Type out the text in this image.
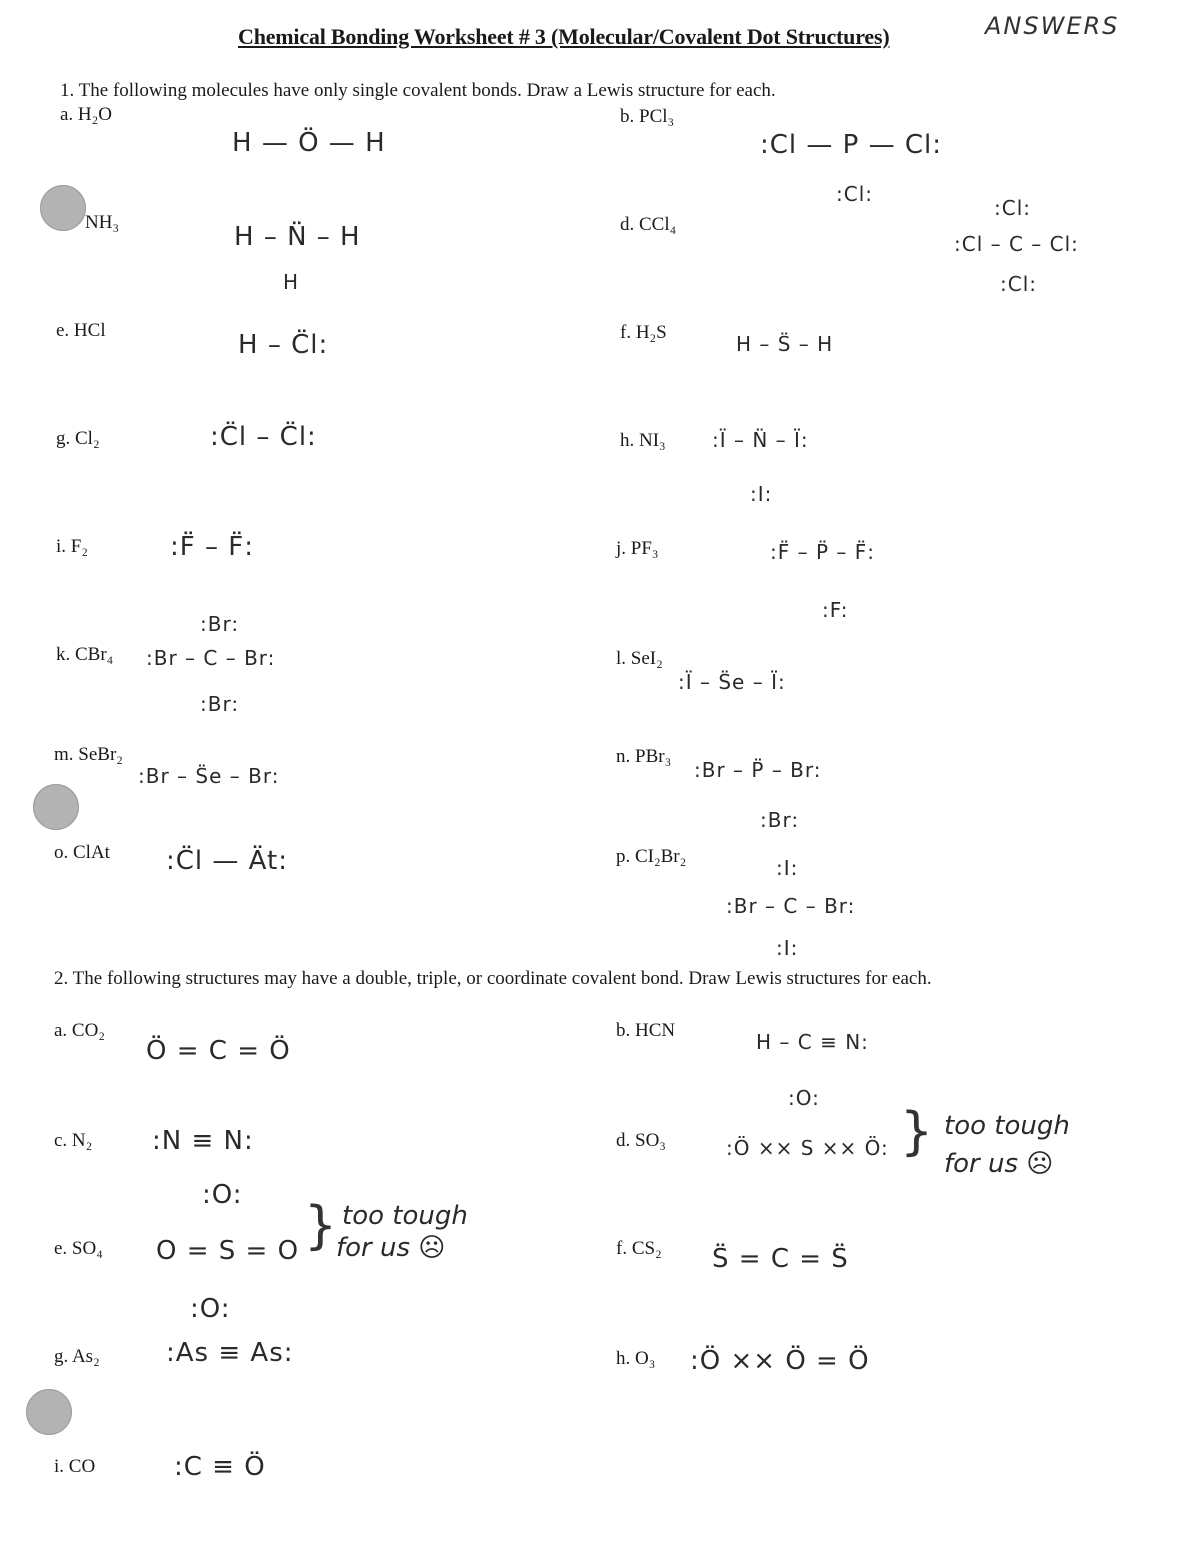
Chemical Bonding Worksheet # 3 (Molecular/Covalent Dot Structures)	ANSWERS
1. The following molecules have only single covalent bonds. Draw a Lewis structure for each.
a. H₂O
H — Ö — H
b. PCl₃
:Cl — P — Cl:
:Cl:
NH₃	H – N̈ – H
H
d. CCl₄
:Cl:
:Cl – C – Cl:
:Cl:
e. HCl	H – C̈l:	f. H₂S	H – S̈ – H
g. Cl₂	:C̈l – C̈l:	h. NI₃ :Ï – N̈ – Ï:
:I:
i. F₂	:F̈ – F̈:	j. PF₃	:F̈ – P̈ – F̈:
:F:
k. CBr₄
:Br:
:Br – C – Br:
:Br:
l. SeI₂
:Ï – S̈e – Ï:
m. SeBr₂
:Br – S̈e – Br:
n. PBr₃
:Br – P̈ – Br:
:Br:
o. ClAt :C̈l — Ät:	p. CI₂Br₂	:I:
:Br – C – Br:
:I:
2. The following structures may have a double, triple, or coordinate covalent bond. Draw Lewis structures for each.
a. CO₂
Ö = C = Ö
b. HCN	H – C ≡ N:
c. N₂ :N ≡ N:	d. SO₃
:O:
:Ö ×× S ×× Ö: } too tough
for us ☹
e. SO₄
:O:
O = S = O
:O:
} too tough
for us ☹	f. CS₂ S̈ = C = S̈
g. As₂	:As ≡ As:	h. O₃ :Ö ×× Ö = Ö
i. CO	:C ≡ Ö
